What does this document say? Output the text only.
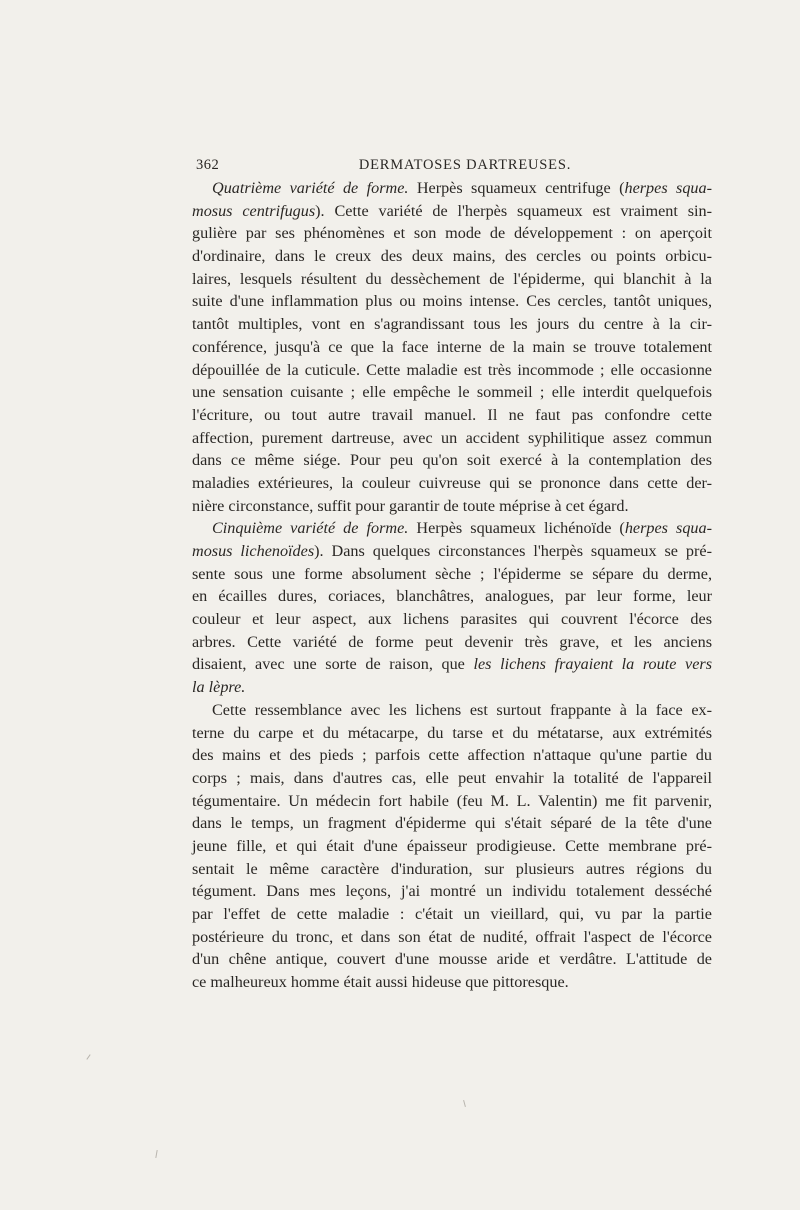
362	DERMATOSES DARTREUSES.
Quatrième variété de forme. Herpès squameux centrifuge (herpes squa-
mosus centrifugus). Cette variété de l'herpès squameux est vraiment sin-
gulière par ses phénomènes et son mode de développement : on aperçoit
d'ordinaire, dans le creux des deux mains, des cercles ou points orbicu-
laires, lesquels résultent du dessèchement de l'épiderme, qui blanchit à la
suite d'une inflammation plus ou moins intense. Ces cercles, tantôt uniques,
tantôt multiples, vont en s'agrandissant tous les jours du centre à la cir-
conférence, jusqu'à ce que la face interne de la main se trouve totalement
dépouillée de la cuticule. Cette maladie est très incommode ; elle occasionne
une sensation cuisante ; elle empêche le sommeil ; elle interdit quelquefois
l'écriture, ou tout autre travail manuel. Il ne faut pas confondre cette
affection, purement dartreuse, avec un accident syphilitique assez commun
dans ce même siége. Pour peu qu'on soit exercé à la contemplation des
maladies extérieures, la couleur cuivreuse qui se prononce dans cette der-
nière circonstance, suffit pour garantir de toute méprise à cet égard.
Cinquième variété de forme. Herpès squameux lichénoïde (herpes squa-
mosus lichenoïdes). Dans quelques circonstances l'herpès squameux se pré-
sente sous une forme absolument sèche ; l'épiderme se sépare du derme,
en écailles dures, coriaces, blanchâtres, analogues, par leur forme, leur
couleur et leur aspect, aux lichens parasites qui couvrent l'écorce des
arbres. Cette variété de forme peut devenir très grave, et les anciens
disaient, avec une sorte de raison, que les lichens frayaient la route vers
la lèpre.
Cette ressemblance avec les lichens est surtout frappante à la face ex-
terne du carpe et du métacarpe, du tarse et du métatarse, aux extrémités
des mains et des pieds ; parfois cette affection n'attaque qu'une partie du
corps ; mais, dans d'autres cas, elle peut envahir la totalité de l'appareil
tégumentaire. Un médecin fort habile (feu M. L. Valentin) me fit parvenir,
dans le temps, un fragment d'épiderme qui s'était séparé de la tête d'une
jeune fille, et qui était d'une épaisseur prodigieuse. Cette membrane pré-
sentait le même caractère d'induration, sur plusieurs autres régions du
tégument. Dans mes leçons, j'ai montré un individu totalement desséché
par l'effet de cette maladie : c'était un vieillard, qui, vu par la partie
postérieure du tronc, et dans son état de nudité, offrait l'aspect de l'écorce
d'un chêne antique, couvert d'une mousse aride et verdâtre. L'attitude de
ce malheureux homme était aussi hideuse que pittoresque.
